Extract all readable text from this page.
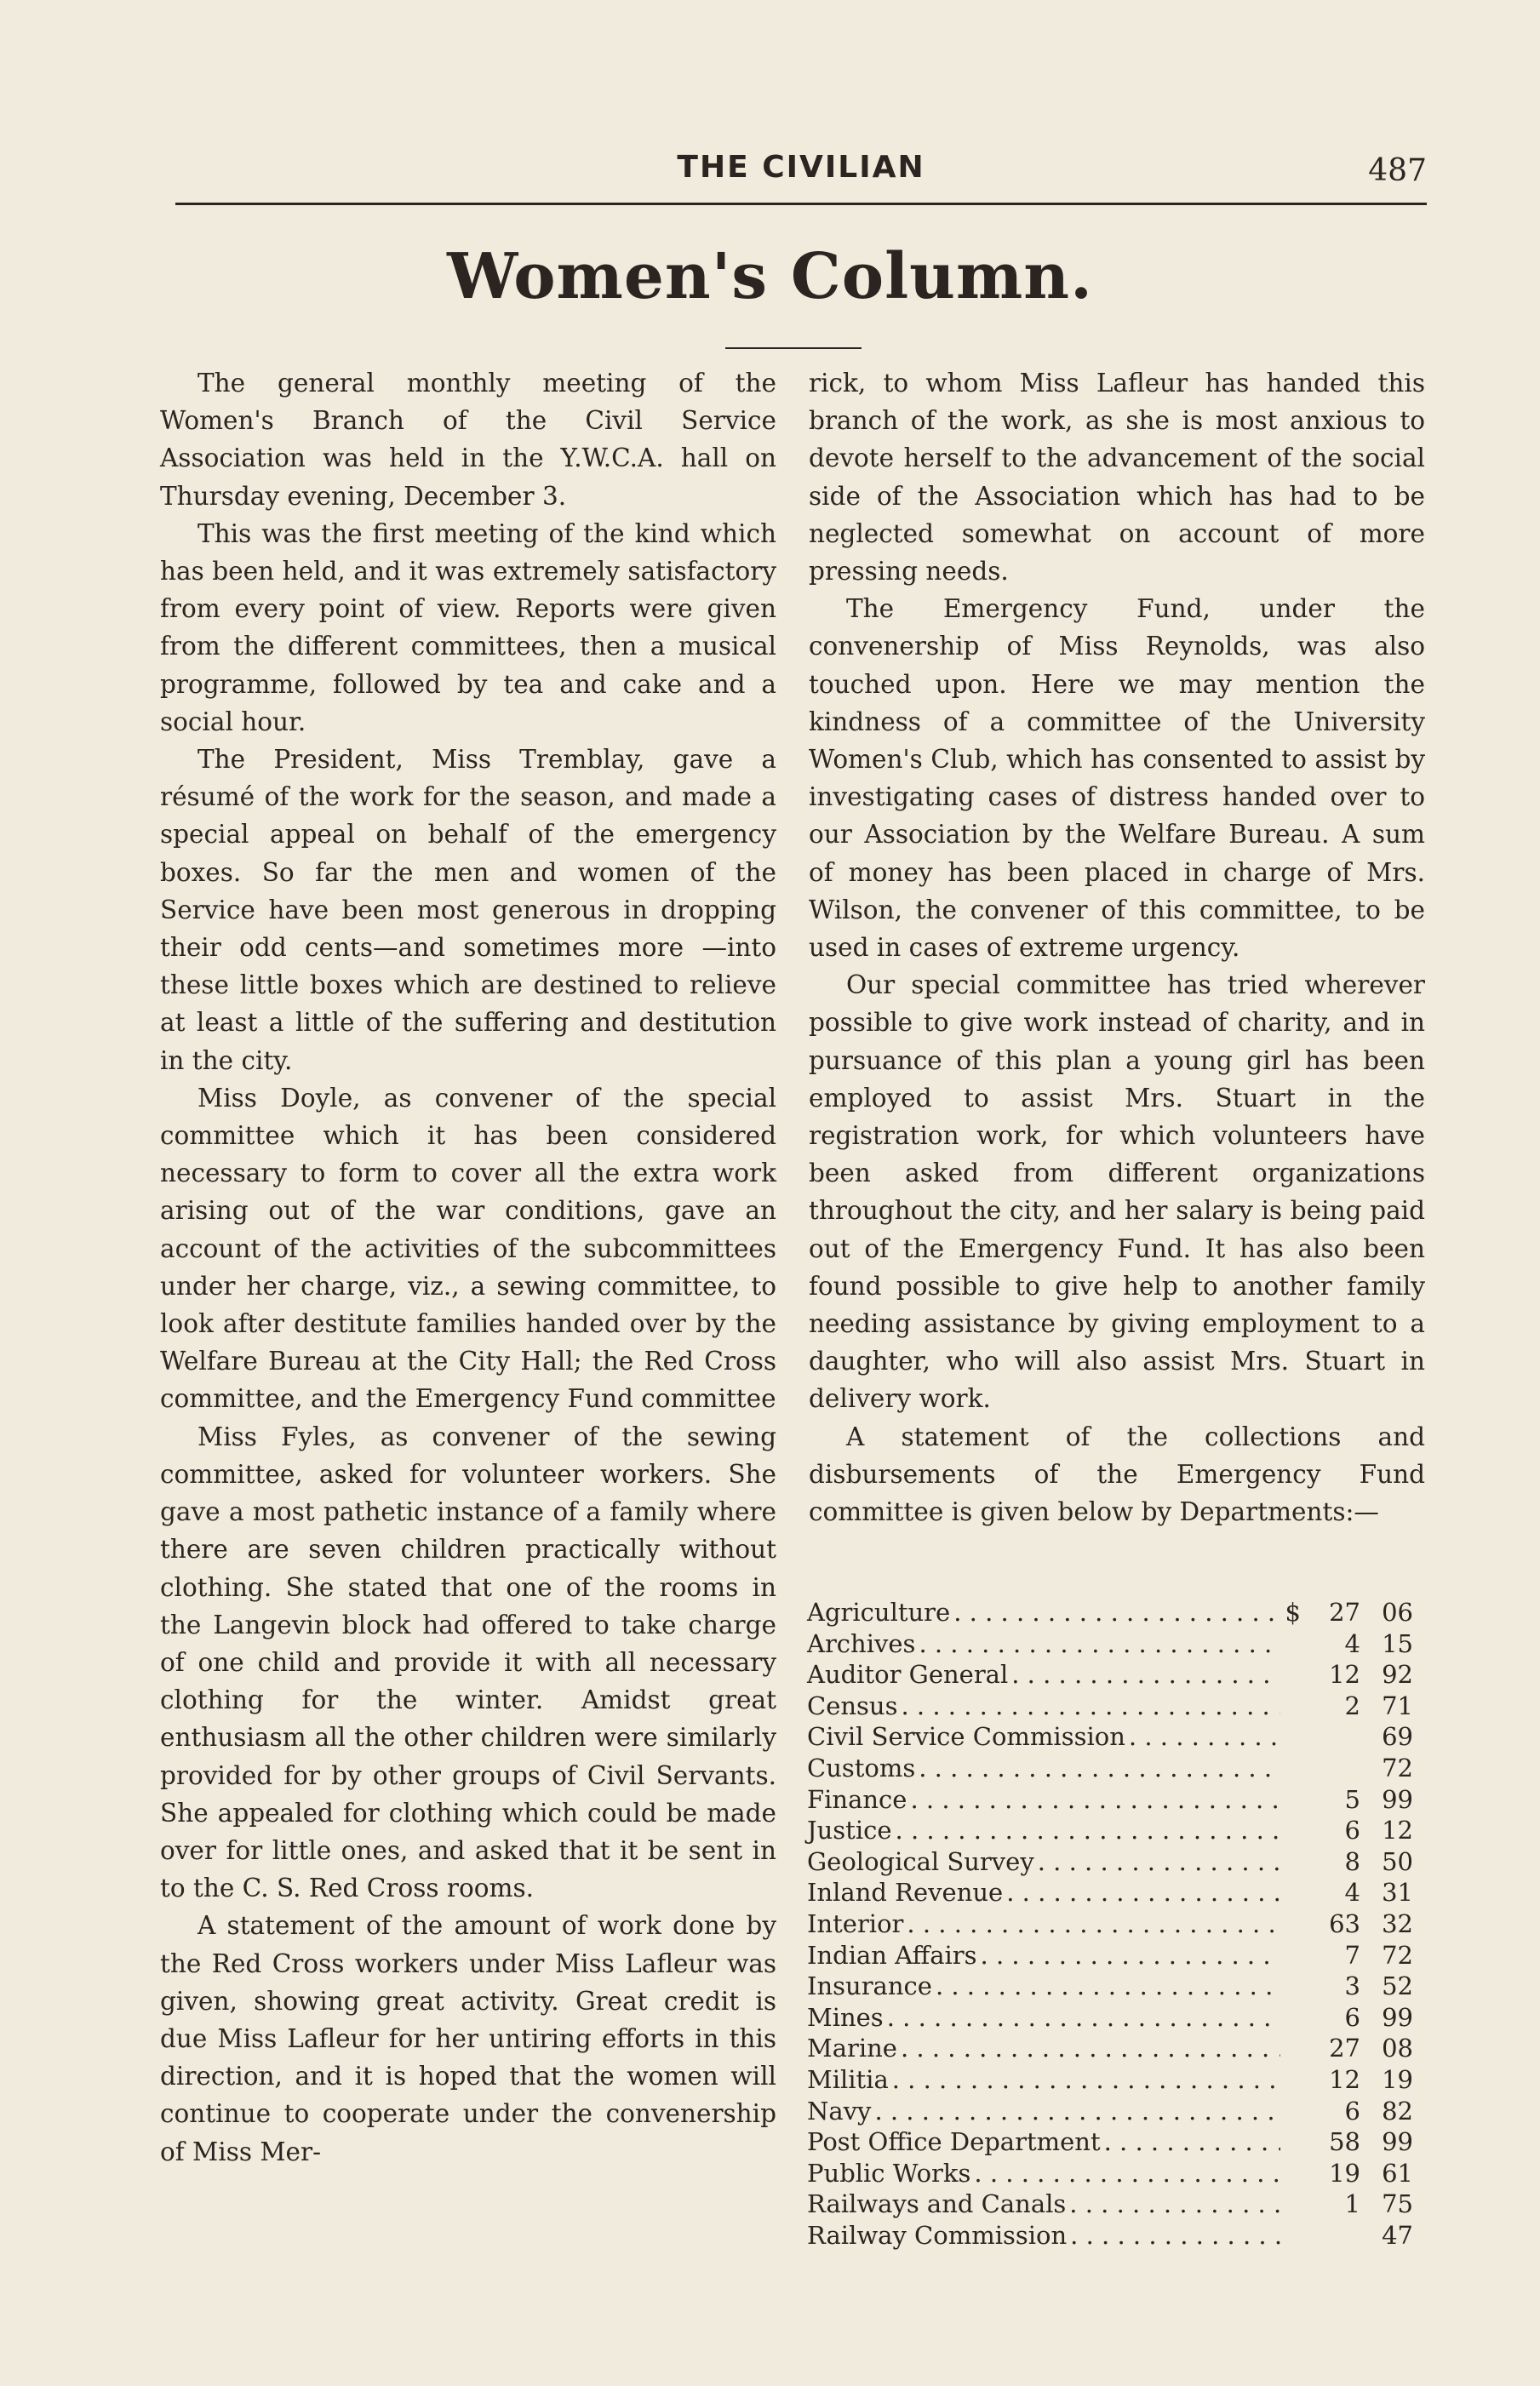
THE CIVILIAN	487
Women's Column.

The general monthly meeting of the Women's Branch of the Civil Service Association was held in the Y.W.C.A. hall on Thursday evening, December 3.

This was the first meeting of the kind which has been held, and it was extremely satisfactory from every point of view. Reports were given from the different committees, then a musical programme, followed by tea and cake and a social hour.

The President, Miss Tremblay, gave a résumé of the work for the season, and made a special appeal on behalf of the emergency boxes. So far the men and women of the Service have been most generous in dropping their odd cents—and sometimes more —into these little boxes which are destined to relieve at least a little of the suffering and destitution in the city.

Miss Doyle, as convener of the special committee which it has been considered necessary to form to cover all the extra work arising out of the war conditions, gave an account of the activities of the subcommittees under her charge, viz., a sewing committee, to look after destitute families handed over by the Welfare Bureau at the City Hall; the Red Cross committee, and the Emergency Fund committee

Miss Fyles, as convener of the sewing committee, asked for volunteer workers. She gave a most pathetic instance of a family where there are seven children practically without clothing. She stated that one of the rooms in the Langevin block had offered to take charge of one child and provide it with all necessary clothing for the winter. Amidst great enthusiasm all the other children were similarly provided for by other groups of Civil Servants. She appealed for clothing which could be made over for little ones, and asked that it be sent in to the C. S. Red Cross rooms.

A statement of the amount of work done by the Red Cross workers under Miss Lafleur was given, showing great activity. Great credit is due Miss Lafleur for her untiring efforts in this direction, and it is hoped that the women will continue to cooperate under the convenership of Miss Mer-

rick, to whom Miss Lafleur has handed this branch of the work, as she is most anxious to devote herself to the advancement of the social side of the Association which has had to be neglected somewhat on account of more pressing needs.

The Emergency Fund, under the convenership of Miss Reynolds, was also touched upon. Here we may mention the kindness of a committee of the University Women's Club, which has consented to assist by investigating cases of distress handed over to our Association by the Welfare Bureau. A sum of money has been placed in charge of Mrs. Wilson, the convener of this committee, to be used in cases of extreme urgency.

Our special committee has tried wherever possible to give work instead of charity, and in pursuance of this plan a young girl has been employed to assist Mrs. Stuart in the registration work, for which volunteers have been asked from different organizations throughout the city, and her salary is being paid out of the Emergency Fund. It has also been found possible to give help to another family needing assistance by giving employment to a daughter, who will also assist Mrs. Stuart in delivery work.

A statement of the collections and disbursements of the Emergency Fund committee is given below by Departments:—

Agriculture . . .	$	27 06
Archives . . .	4 15
Auditor General . . .	12 92
Census . . .	2 71
Civil Service Commission . . .	69
Customs . . .	72
Finance . . .	5 99
Justice . . .	6 12
Geological Survey . . .	8 50
Inland Revenue . . .	4 31
Interior . . .	63 32
Indian Affairs . . .	7 72
Insurance . . .	3 52
Mines . . .	6 99
Marine . . .	27 08
Militia . . .	12 19
Navy . . .	6 82
Post Office Department . . .	58 99
Public Works . . .	19 61
Railways and Canals . . .	1 75
Railway Commission . . .	47
